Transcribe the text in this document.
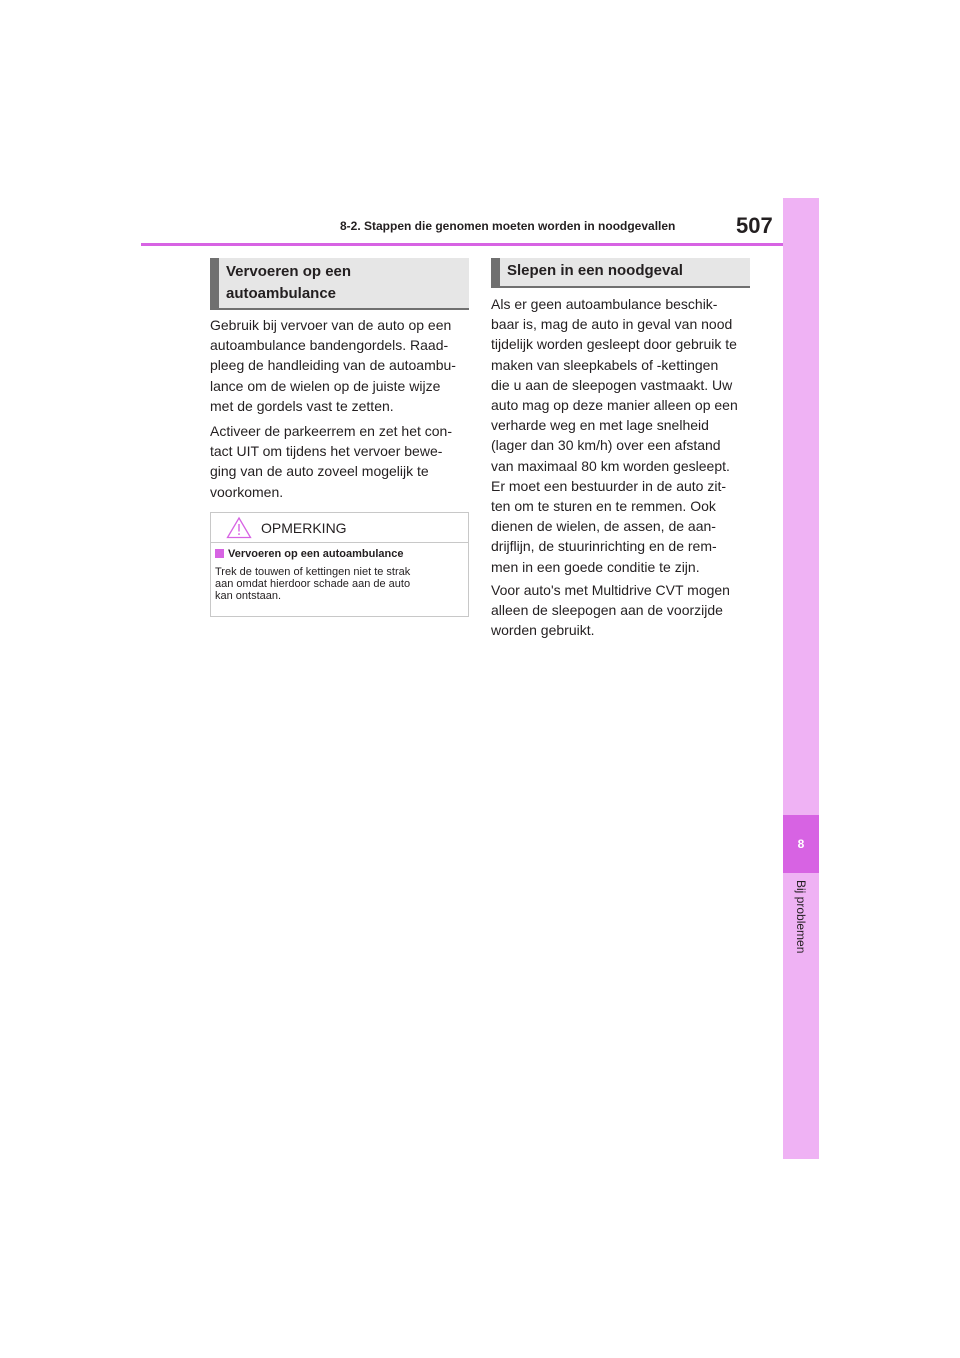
8
Bij problemen
8-2. Stappen die genomen moeten worden in noodgevallen	507
Vervoeren op een
autoambulance

Gebruik bij vervoer van de auto op een
autoambulance bandengordels. Raad-
pleeg de handleiding van de autoambu-
lance om de wielen op de juiste wijze
met de gordels vast te zetten.

Activeer de parkeerrem en zet het con-
tact UIT om tijdens het vervoer bewe-
ging van de auto zoveel mogelijk te
voorkomen.

OPMERKING
Vervoeren op een autoambulance

Trek de touwen of kettingen niet te strak
aan omdat hierdoor schade aan de auto
kan ontstaan.

Slepen in een noodgeval

Als er geen autoambulance beschik-
baar is, mag de auto in geval van nood
tijdelijk worden gesleept door gebruik te
maken van sleepkabels of -kettingen
die u aan de sleepogen vastmaakt. Uw
auto mag op deze manier alleen op een
verharde weg en met lage snelheid
(lager dan 30 km/h) over een afstand
van maximaal 80 km worden gesleept.
Er moet een bestuurder in de auto zit-
ten om te sturen en te remmen. Ook
dienen de wielen, de assen, de aan-
drijflijn, de stuurinrichting en de rem-
men in een goede conditie te zijn.

Voor auto's met Multidrive CVT mogen
alleen de sleepogen aan de voorzijde
worden gebruikt.
